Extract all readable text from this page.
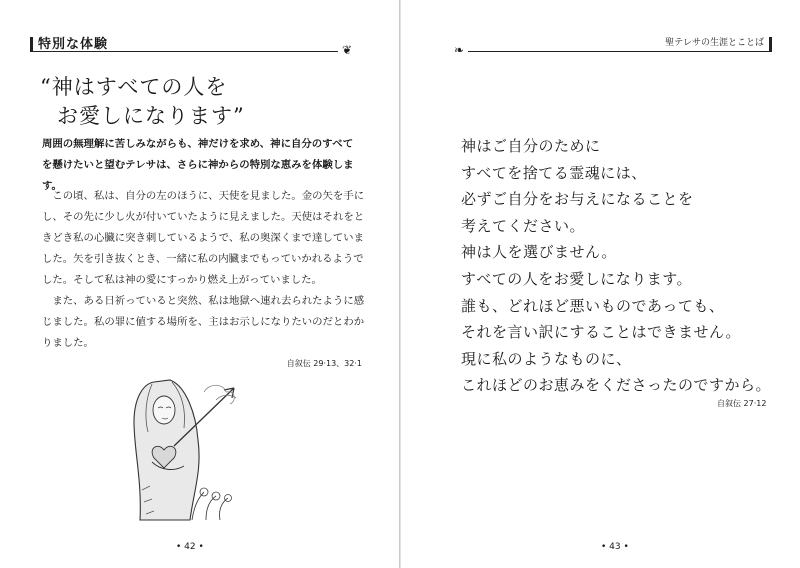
特別な体験	❦
“神はすべての人を
お愛しになります”
周囲の無理解に苦しみながらも、神だけを求め、神に自分のすべて
を懸けたいと望むテレサは、さらに神からの特別な恵みを体験します。

この頃、私は、自分の左のほうに、天使を見ました。金の矢を手にし、その先に少し火が付いていたように見えました。天使はそれをときどき私の心臓に突き刺しているようで、私の奥深くまで達していました。矢を引き抜くとき、一緒に私の内臓までもっていかれるようでした。そして私は神の愛にすっかり燃え上がっていました。

また、ある日祈っていると突然、私は地獄へ連れ去られたように感じました。私の罪に値する場所を、主はお示しになりたいのだとわかりました。

自叙伝 29·13、32·1
• 42 •
❧	聖テレサの生涯とことば
神はご自分のために
すべてを捨てる霊魂には、
必ずご自分をお与えになることを
考えてください。
神は人を選びません。
すべての人をお愛しになります。
誰も、どれほど悪いものであっても、
それを言い訳にすることはできません。
現に私のようなものに、
これほどのお恵みをくださったのですから。
自叙伝 27·12
• 43 •
